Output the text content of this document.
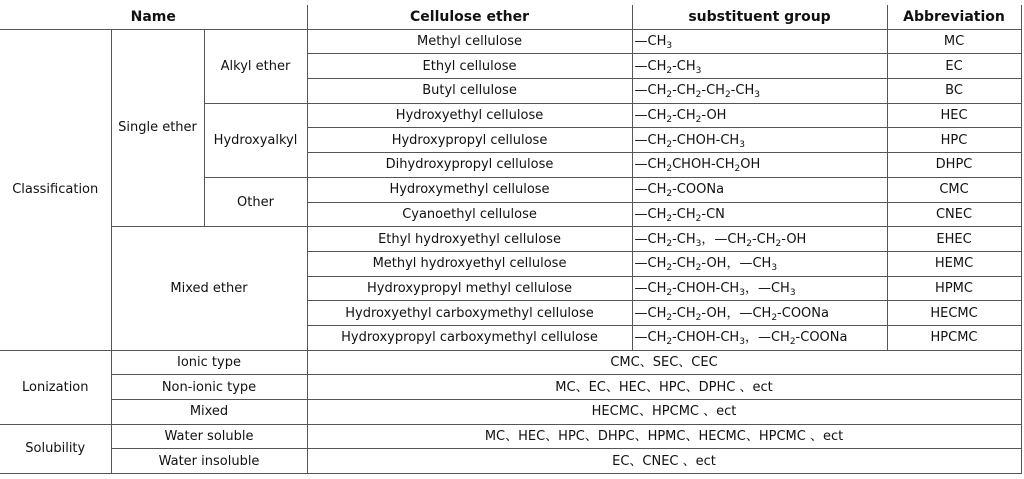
Name			Cellulose ether	substituent group	Abbreviation
Classification	Single ether	Alkyl ether	Methyl cellulose	$—CH_3$	MC
			Ethyl cellulose	$—CH_2-CH_3$	EC
			Butyl cellulose	$—CH_2-CH_2-CH_2-CH_3$	BC
		Hydroxyalkyl	Hydroxyethyl cellulose	$—CH_2-CH_2-OH$	HEC
			Hydroxypropyl cellulose	$—CH_2-CHOH-CH_3$	HPC
			Dihydroxypropyl cellulose	$—CH_2CHOH-CH_2OH$	DHPC
		Other	Hydroxymethyl cellulose	$—CH_2$-COONa	CMC
			Cyanoethyl cellulose	$—CH_2-CH_2-CN$	CNEC
	Mixed ether		Ethyl hydroxyethyl cellulose	$—CH_2-CH_3$，$—CH_2-CH_2-OH$	EHEC
			Methyl hydroxyethyl cellulose	$—CH_2-CH_2-OH$，$—CH_3$	HEMC
			Hydroxypropyl methyl cellulose	$—CH_2-CHOH-CH_3$，$—CH_3$	HPMC
			Hydroxyethyl carboxymethyl cellulose	$—CH_2-CH_2-OH$，$—CH_2$-COONa	HECMC
			Hydroxypropyl carboxymethyl cellulose	$—CH_2-CHOH-CH_3$，$—CH_2$-COONa	HPCMC
Lonization	Ionic type		CMC、SEC、CEC		
	Non-ionic type		MC、EC、HEC、HPC、DPHC 、ect		
	Mixed		HECMC、HPCMC 、ect		
Solubility	Water soluble		MC、HEC、HPC、DHPC、HPMC、HECMC、HPCMC 、ect		
	Water insoluble		EC、CNEC 、ect		
